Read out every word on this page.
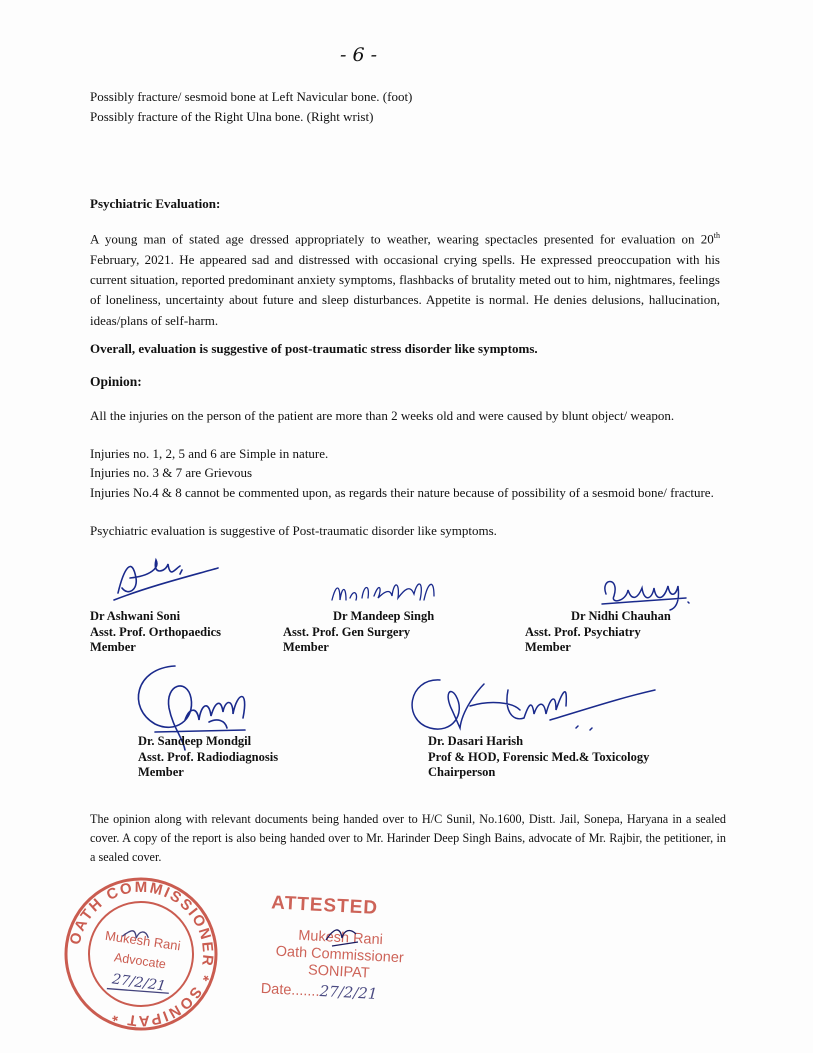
- 6 -
Possibly fracture/ sesmoid bone at Left Navicular bone. (foot)
Possibly fracture of the Right Ulna bone. (Right wrist)
Psychiatric Evaluation:
A young man of stated age dressed appropriately to weather, wearing spectacles presented for evaluation on 20th February, 2021. He appeared sad and distressed with occasional crying spells. He expressed preoccupation with his current situation, reported predominant anxiety symptoms, flashbacks of brutality meted out to him, nightmares, feelings of loneliness, uncertainty about future and sleep disturbances. Appetite is normal. He denies delusions, hallucination, ideas/plans of self-harm.
Overall, evaluation is suggestive of post-traumatic stress disorder like symptoms.
Opinion:
All the injuries on the person of the patient are more than 2 weeks old and were caused by blunt object/ weapon.
Injuries no. 1, 2, 5 and 6 are Simple in nature.
Injuries no. 3 & 7 are Grievous
Injuries No.4 & 8 cannot be commented upon, as regards their nature because of possibility of a sesmoid bone/ fracture.
Psychiatric evaluation is suggestive of Post-traumatic disorder like symptoms.
Dr Ashwani Soni
Asst. Prof. Orthopaedics
Member
Dr Mandeep Singh
Asst. Prof. Gen Surgery
Member
Dr Nidhi Chauhan
Asst. Prof. Psychiatry
Member
Dr. Sandeep Mondgil
Asst. Prof. Radiodiagnosis
Member
Dr. Dasari Harish
Prof & HOD, Forensic Med.& Toxicology
Chairperson
The opinion along with relevant documents being handed over to H/C Sunil, No.1600, Distt. Jail, Sonepa, Haryana in a sealed cover. A copy of the report is also being handed over to Mr. Harinder Deep Singh Bains, advocate of Mr. Rajbir, the petitioner, in a sealed cover.
OATH COMMISSIONER * SONIPAT *
Mukesh Rani
Advocate
27/2/21
ATTESTED
Mukesh Rani
Oath Commissioner
SONIPAT
Date.......27/2/21
